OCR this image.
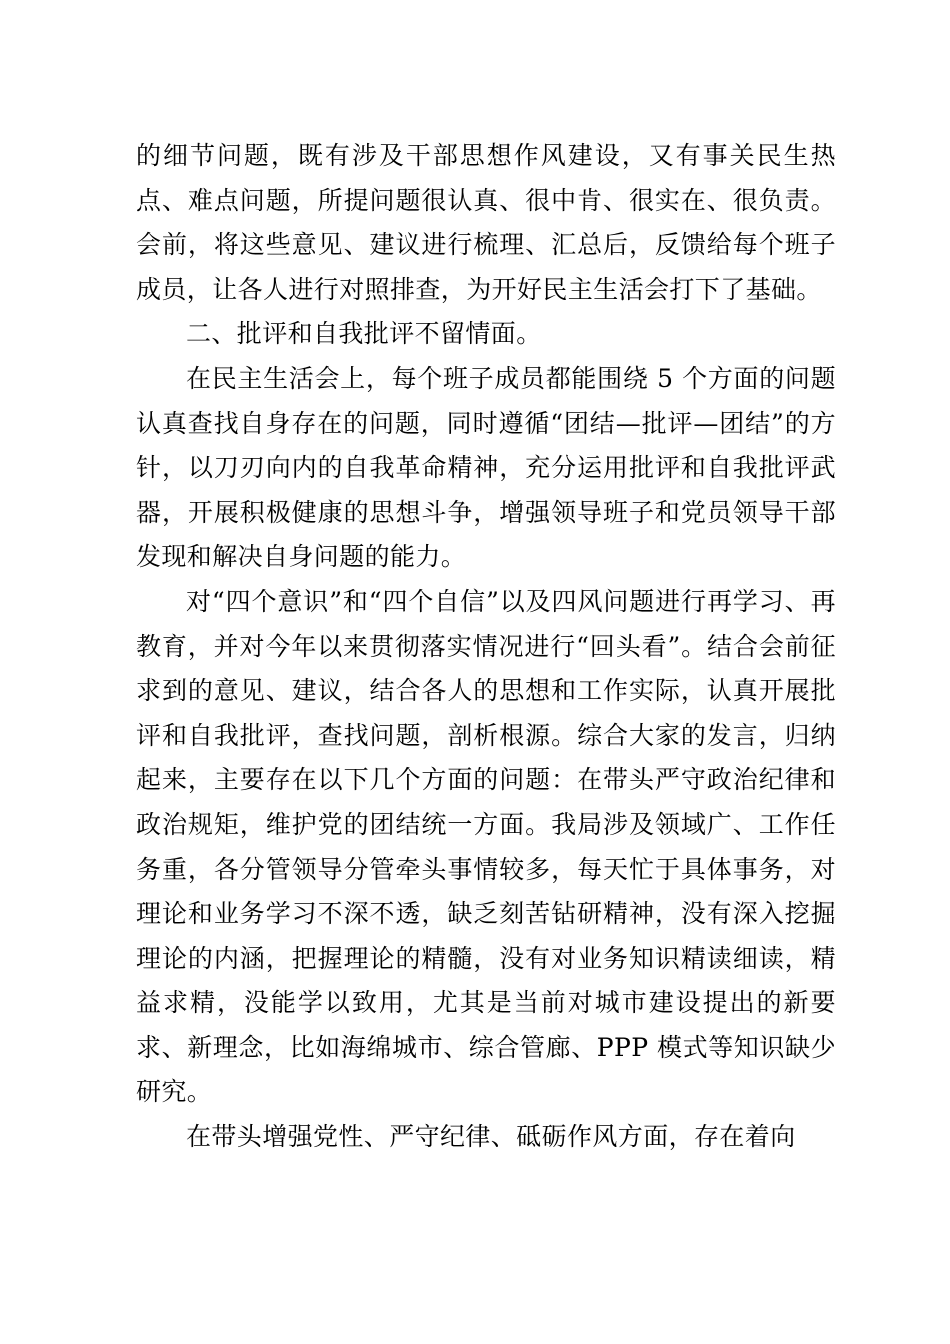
的细节问题，既有涉及干部思想作风建设，又有事关民生热点、难点问题，所提问题很认真、很中肯、很实在、很负责。会前，将这些意见、建议进行梳理、汇总后，反馈给每个班子成员，让各人进行对照排查，为开好民主生活会打下了基础。

二、批评和自我批评不留情面。

在民主生活会上，每个班子成员都能围绕 5 个方面的问题认真查找自身存在的问题，同时遵循“团结—批评—团结”的方针，以刀刃向内的自我革命精神，充分运用批评和自我批评武器，开展积极健康的思想斗争，增强领导班子和党员领导干部发现和解决自身问题的能力。

对“四个意识”和“四个自信”以及四风问题进行再学习、再教育，并对今年以来贯彻落实情况进行“回头看”。结合会前征求到的意见、建议，结合各人的思想和工作实际，认真开展批评和自我批评，查找问题，剖析根源。综合大家的发言，归纳起来，主要存在以下几个方面的问题：在带头严守政治纪律和政治规矩，维护党的团结统一方面。我局涉及领域广、工作任务重，各分管领导分管牵头事情较多，每天忙于具体事务，对理论和业务学习不深不透，缺乏刻苦钻研精神，没有深入挖掘理论的内涵，把握理论的精髓，没有对业务知识精读细读，精益求精，没能学以致用，尤其是当前对城市建设提出的新要求、新理念，比如海绵城市、综合管廊、PPP 模式等知识缺少研究。

在带头增强党性、严守纪律、砥砺作风方面，存在着向
